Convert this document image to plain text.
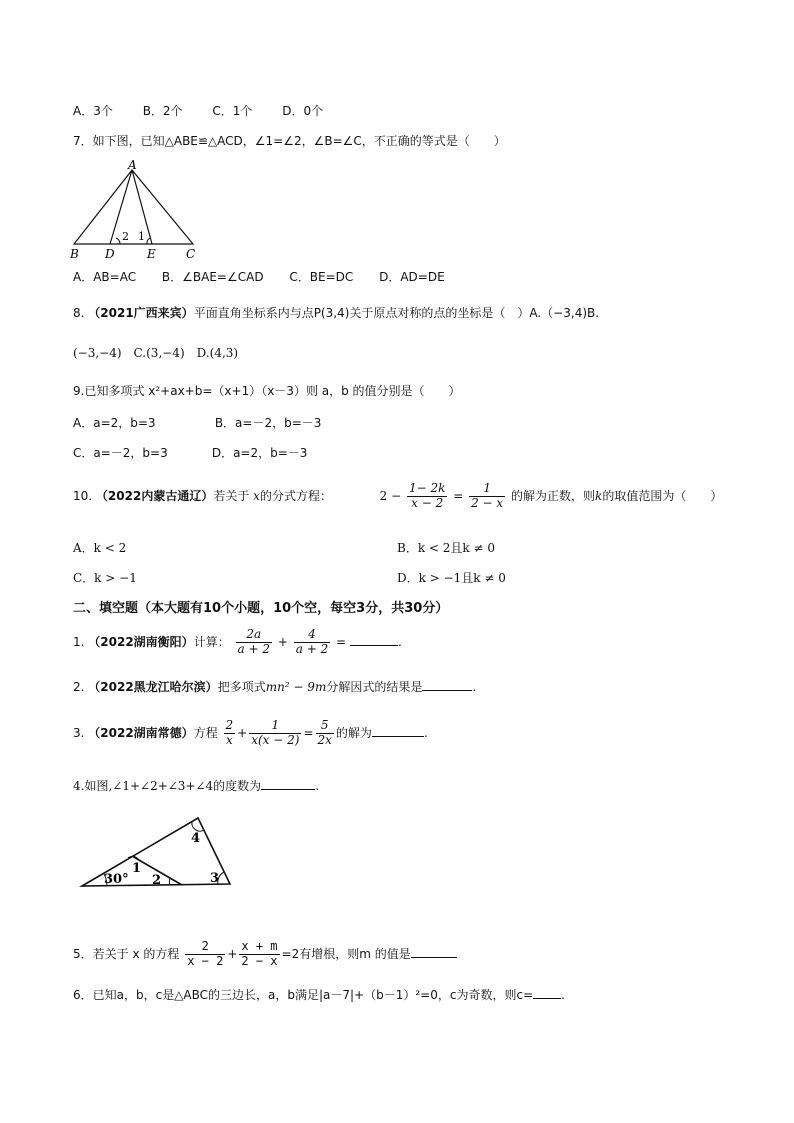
A．3个 B．2个 C．1个 D．0个
7．如下图，已知△ABE≌△ACD，∠1=∠2，∠B=∠C，不正确的等式是（　　）
A
B D	E	C
2 1
A．AB=AC B．∠BAE=∠CAD C．BE=DC D．AD=DE
8. （2021广西来宾）平面直角坐标系内与点P(3,4)关于原点对称的点的坐标是（　）A.（−3,4)B.
(−3,−4)　C.(3,−4)　D.(4,3)
9.已知多项式 x²+ax+b=（x+1）（x－3）则 a，b 的值分别是（　　）
A．a=2，b=3	B．a=－2，b=－3
C．a=－2，b=3	D．a=2，b=－3
10. （2022内蒙古通辽）若关于 x的分式方程：	$2 - \frac{1- 2k}{x - 2} = \frac{1}{2 - x}$ 的解为正数，则k的取值范围为（　　）
A．k < 2	B．k < 2且k ≠ 0
C．k > −1	D．k > −1且k ≠ 0
二、填空题（本大题有10个小题，10个空，每空3分，共30分）
1. （2022湖南衡阳）计算： $\frac{2a}{a + 2} + \frac{4}{a + 2}$ =	.
2. （2022黑龙江哈尔滨）把多项式mn² − 9m分解因式的结果是	.
3. （2022湖南常德）方程 $\frac{2}{x} + \frac{1}{x(x - 2)} = \frac{5}{2x}$ 的解为	.
4.如图,∠1+∠2+∠3+∠4的度数为	.
30°
1
2	3
4
5．若关于 x 的方程 $\frac{2}{x - 2} + \frac{x + m}{2 - x} =2$有增根，则m 的值是
6．已知a，b，c是△ABC的三边长，a，b满足|a－7|+（b－1）²=0，c为奇数，则c= .
